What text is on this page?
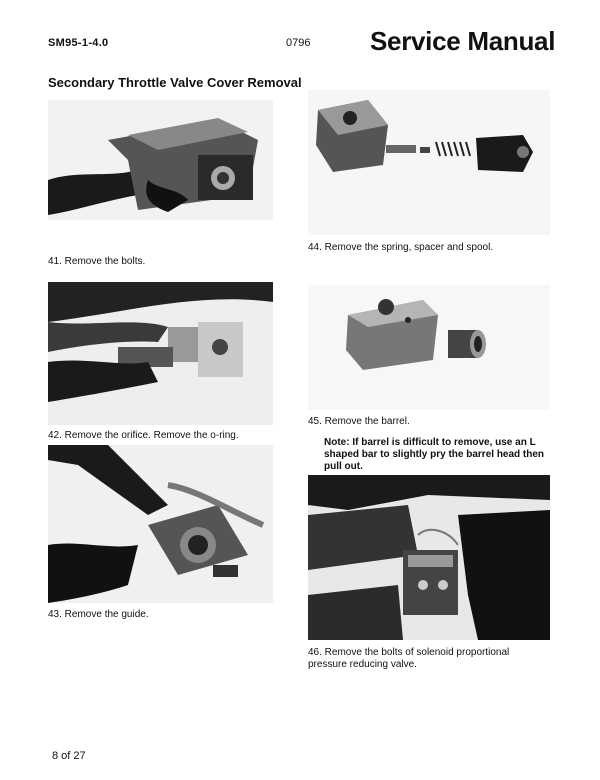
SM95-1-4.0	0796 Service Manual
Secondary Throttle Valve Cover Removal
41. Remove the bolts.
42. Remove the orifice. Remove the o-ring.
43. Remove the guide.
44. Remove the spring, spacer and spool.
45. Remove the barrel.
Note: If barrel is difficult to remove, use an L shaped bar to slightly pry the barrel head then pull out.
46. Remove the bolts of solenoid proportional pressure reducing valve.
8 of 27
